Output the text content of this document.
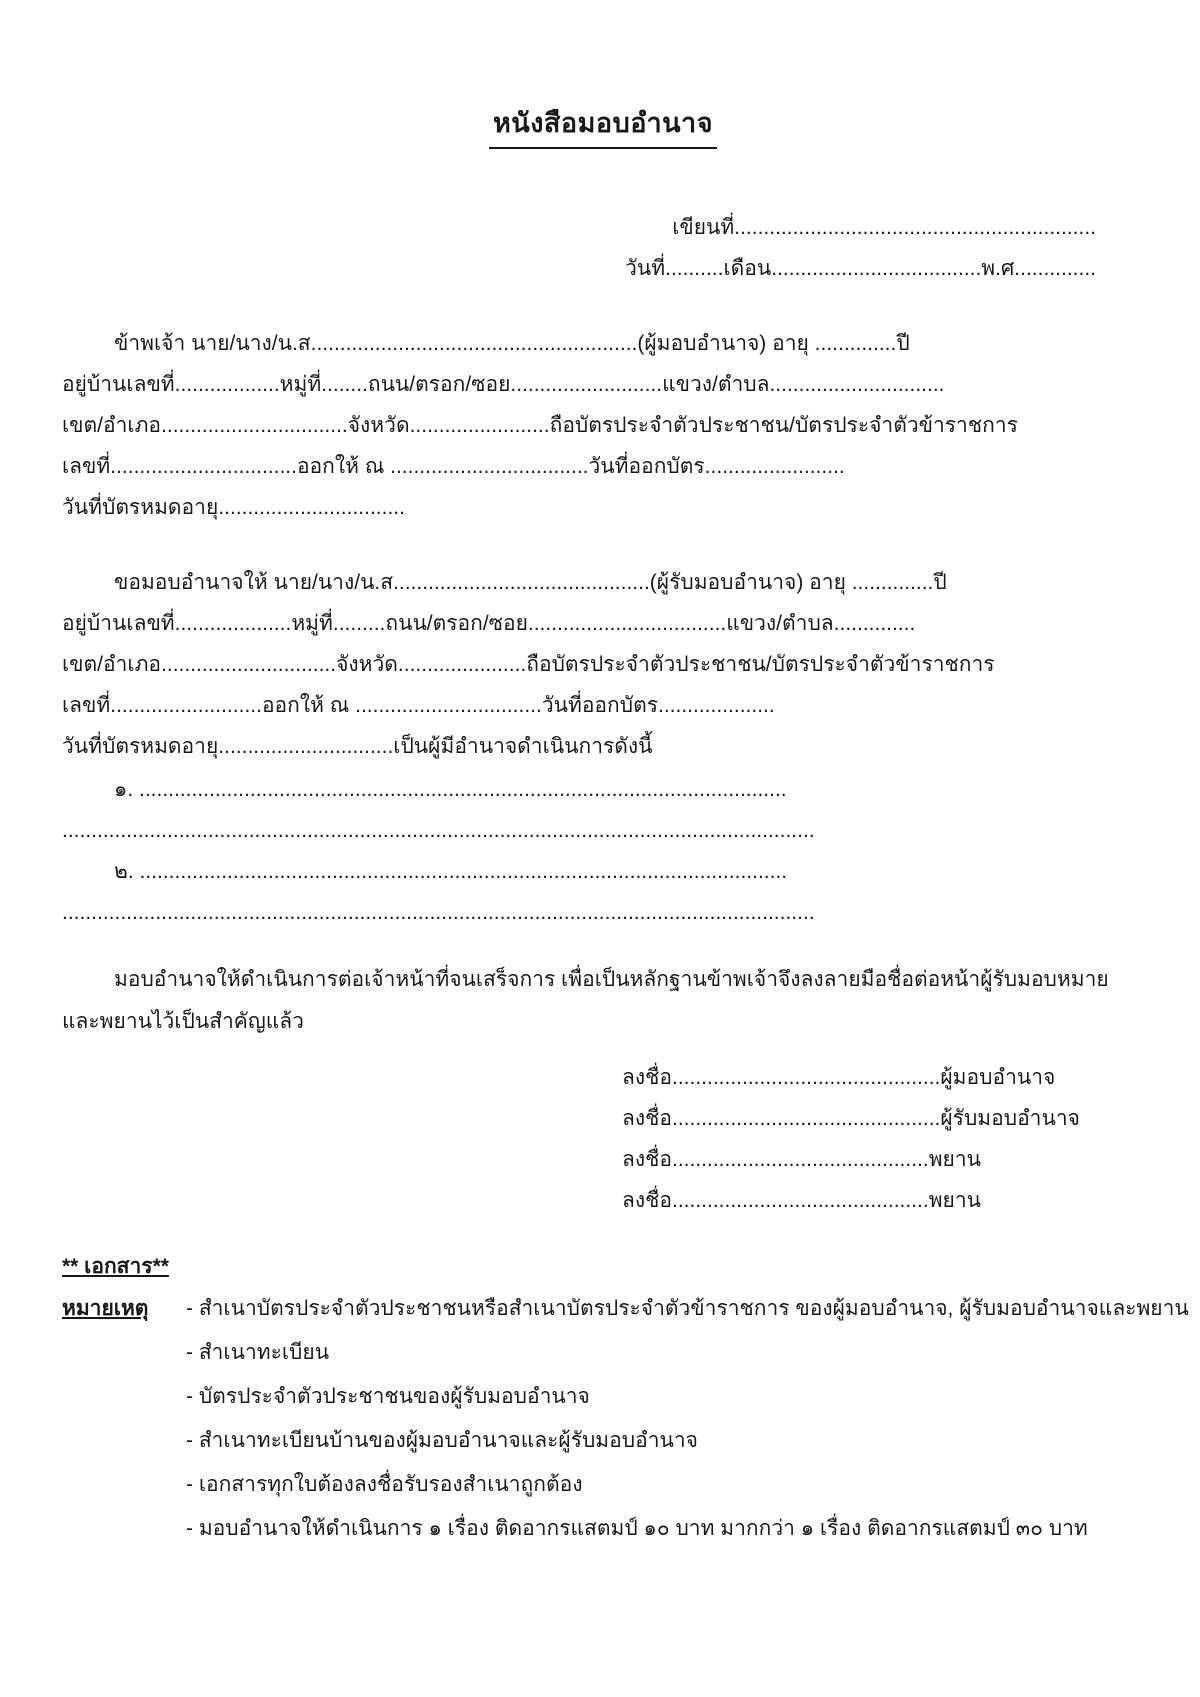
หนังสือมอบอำนาจ
เขียนที่..............................................................
วันที่..........เดือน....................................พ.ศ..............
ข้าพเจ้า นาย/นาง/น.ส........................................................(ผู้มอบอำนาจ) อายุ ..............ปี
อยู่บ้านเลขที่..................หมู่ที่........ถนน/ตรอก/ซอย..........................แขวง/ตำบล..............................
เขต/อำเภอ................................จังหวัด........................ถือบัตรประจำตัวประชาชน/บัตรประจำตัวข้าราชการ
เลขที่................................ออกให้ ณ ..................................วันที่ออกบัตร........................
วันที่บัตรหมดอายุ................................
ขอมอบอำนาจให้ นาย/นาง/น.ส............................................(ผู้รับมอบอำนาจ) อายุ ..............ปี
อยู่บ้านเลขที่....................หมู่ที่.........ถนน/ตรอก/ซอย..................................แขวง/ตำบล..............
เขต/อำเภอ..............................จังหวัด......................ถือบัตรประจำตัวประชาชน/บัตรประจำตัวข้าราชการ
เลขที่..........................ออกให้ ณ ................................วันที่ออกบัตร....................
วันที่บัตรหมดอายุ..............................เป็นผู้มีอำนาจดำเนินการดังนี้
๑. ...............................................................................................................
.................................................................................................................................
๒. ...............................................................................................................
.................................................................................................................................

มอบอำนาจให้ดำเนินการต่อเจ้าหน้าที่จนเสร็จการ เพื่อเป็นหลักฐานข้าพเจ้าจึงลงลายมือชื่อต่อหน้าผู้รับมอบหมายและพยานไว้เป็นสำคัญแล้ว

ลงชื่อ..............................................ผู้มอบอำนาจ
ลงชื่อ..............................................ผู้รับมอบอำนาจ
ลงชื่อ............................................พยาน
ลงชื่อ............................................พยาน
** เอกสาร**
หมายเหตุ	- สำเนาบัตรประจำตัวประชาชนหรือสำเนาบัตรประจำตัวข้าราชการ ของผู้มอบอำนาจ, ผู้รับมอบอำนาจและพยาน
- สำเนาทะเบียน
- บัตรประจำตัวประชาชนของผู้รับมอบอำนาจ
- สำเนาทะเบียนบ้านของผู้มอบอำนาจและผู้รับมอบอำนาจ
- เอกสารทุกใบต้องลงชื่อรับรองสำเนาถูกต้อง
- มอบอำนาจให้ดำเนินการ ๑ เรื่อง ติดอากรแสตมป์ ๑๐ บาท มากกว่า ๑ เรื่อง ติดอากรแสตมป์ ๓๐ บาท
